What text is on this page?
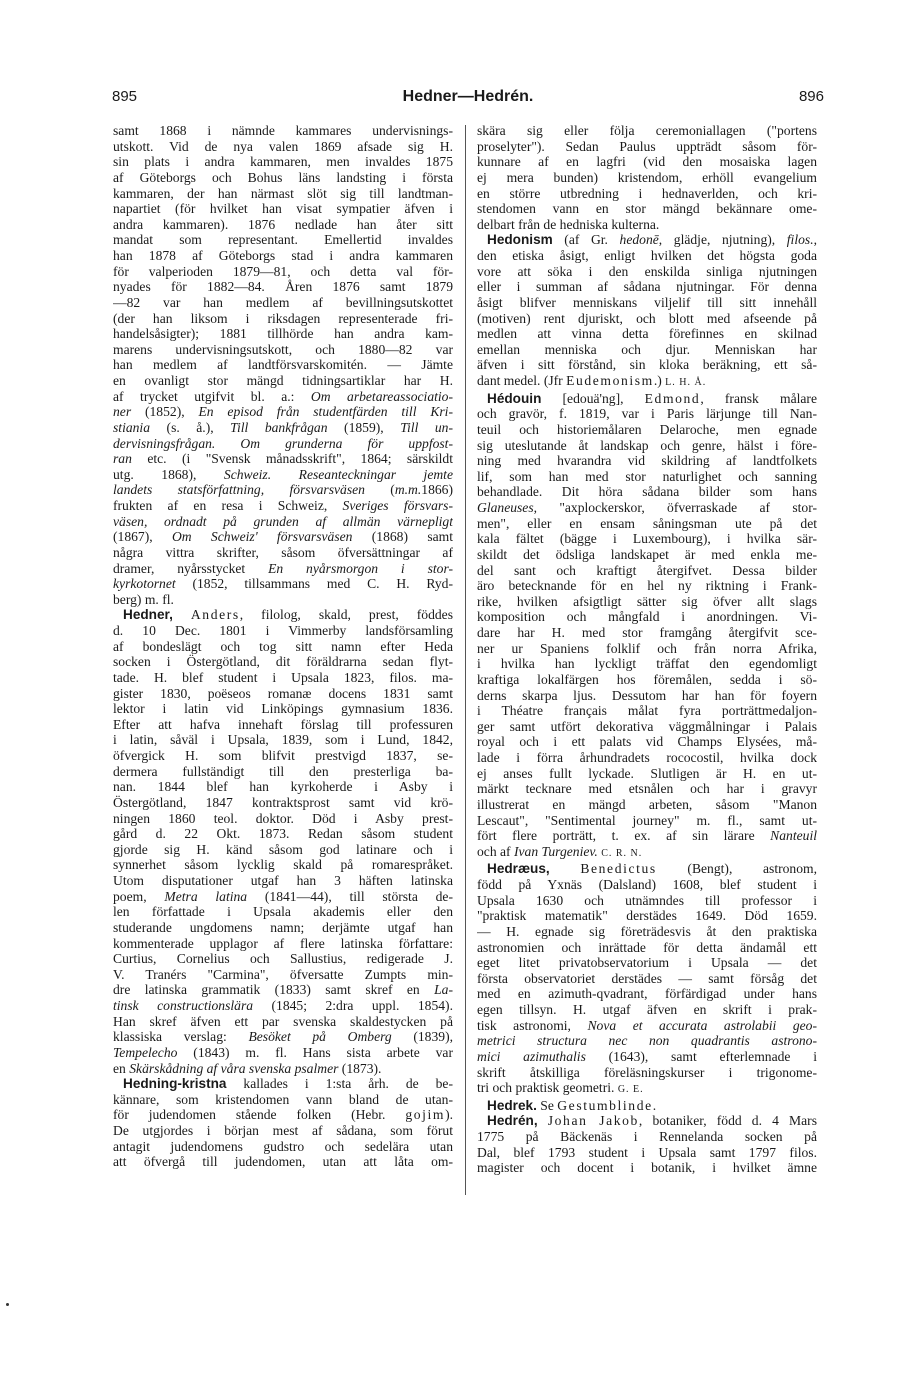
895	Hedner—Hedrén.	896
samt 1868 i nämnde kammares undervisnings-
utskott. Vid de nya valen 1869 afsade sig H.
sin plats i andra kammaren, men invaldes 1875
af Göteborgs och Bohus läns landsting i första
kammaren, der han närmast slöt sig till landtman-
napartiet (för hvilket han visat sympatier äfven i
andra kammaren). 1876 nedlade han åter sitt
mandat som representant. Emellertid invaldes
han 1878 af Göteborgs stad i andra kammaren
för valperioden 1879—81, och detta val för-
nyades för 1882—84. Åren 1876 samt 1879
—82 var han medlem af bevillningsutskottet
(der han liksom i riksdagen representerade fri-
handelsåsigter); 1881 tillhörde han andra kam-
marens undervisningsutskott, och 1880—82 var
han medlem af landtförsvarskomitén. — Jämte
en ovanligt stor mängd tidningsartiklar har H.
af trycket utgifvit bl. a.: Om arbetareassociatio-
ner (1852), En episod från studentfärden till Kri-
stiania (s. å.), Till bankfrågan (1859), Till un-
dervisningsfrågan. Om grunderna för uppfost-
ran etc. (i "Svensk månadsskrift", 1864; särskildt
utg. 1868), Schweiz. Reseanteckningar jemte
landets statsförfattning, försvarsväsen (m.m.1866)
frukten af en resa i Schweiz, Sveriges försvars-
väsen, ordnadt på grunden af allmän värnepligt
(1867), Om Schweiz' försvarsväsen (1868) samt
några vittra skrifter, såsom öfversättningar af
dramer, nyårsstycket En nyårsmorgon i stor-
kyrkotornet (1852, tillsammans med C. H. Ryd-
berg) m. fl.
Hedner, Anders, filolog, skald, prest, föddes
d. 10 Dec. 1801 i Vimmerby landsförsamling
af bondeslägt och tog sitt namn efter Heda
socken i Östergötland, dit föräldrarna sedan flyt-
tade. H. blef student i Upsala 1823, filos. ma-
gister 1830, poëseos romanæ docens 1831 samt
lektor i latin vid Linköpings gymnasium 1836.
Efter att hafva innehaft förslag till professuren
i latin, såväl i Upsala, 1839, som i Lund, 1842,
öfvergick H. som blifvit prestvigd 1837, se-
dermera fullständigt till den presterliga ba-
nan. 1844 blef han kyrkoherde i Asby i
Östergötland, 1847 kontraktsprost samt vid krö-
ningen 1860 teol. doktor. Död i Asby prest-
gård d. 22 Okt. 1873. Redan såsom student
gjorde sig H. känd såsom god latinare och i
synnerhet såsom lycklig skald på romarespråket.
Utom disputationer utgaf han 3 häften latinska
poem, Metra latina (1841—44), till största de-
len författade i Upsala akademis eller den
studerande ungdomens namn; derjämte utgaf han
kommenterade upplagor af flere latinska författare:
Curtius, Cornelius och Sallustius, redigerade J.
V. Tranérs "Carmina", öfversatte Zumpts min-
dre latinska grammatik (1833) samt skref en La-
tinsk constructionslära (1845; 2:dra uppl. 1854).
Han skref äfven ett par svenska skaldestycken på
klassiska verslag: Besöket på Omberg (1839),
Tempelecho (1843) m. fl. Hans sista arbete var
en Skärskådning af våra svenska psalmer (1873).
Hedning-kristna kallades i 1:sta årh. de be-
kännare, som kristendomen vann bland de utan-
för judendomen stående folken (Hebr. gojim).
De utgjordes i början mest af sådana, som förut
antagit judendomens gudstro och sedelära utan
att öfvergå till judendomen, utan att låta om-
skära sig eller följa ceremoniallagen ("portens
proselyter"). Sedan Paulus uppträdt såsom för-
kunnare af en lagfri (vid den mosaiska lagen
ej mera bunden) kristendom, erhöll evangelium
en större utbredning i hednaverlden, och kri-
stendomen vann en stor mängd bekännare ome-
delbart från de hedniska kulterna.
Hedonism (af Gr. hedonē, glädje, njutning), filos.,
den etiska åsigt, enligt hvilken det högsta goda
vore att söka i den enskilda sinliga njutningen
eller i summan af sådana njutningar. För denna
åsigt blifver menniskans viljelif till sitt innehåll
(motiven) rent djuriskt, och blott med afseende på
medlen att vinna detta förefinnes en skilnad
emellan menniska och djur. Menniskan har
äfven i sitt förstånd, sin kloka beräkning, ett så-
dant medel. (Jfr Eudemonism.) L. H. Å.
Hédouin [edouä'ng], Edmond, fransk målare
och gravör, f. 1819, var i Paris lärjunge till Nan-
teuil och historiemålaren Delaroche, men egnade
sig uteslutande åt landskap och genre, hälst i före-
ning med hvarandra vid skildring af landtfolkets
lif, som han med stor naturlighet och sanning
behandlade. Dit höra sådana bilder som hans
Glaneuses, "axplockerskor, öfverraskade af stor-
men", eller en ensam såningsman ute på det
kala fältet (bägge i Luxembourg), i hvilka sär-
skildt det ödsliga landskapet är med enkla me-
del sant och kraftigt återgifvet. Dessa bilder
äro betecknande för en hel ny riktning i Frank-
rike, hvilken afsigtligt sätter sig öfver allt slags
komposition och mångfald i anordningen. Vi-
dare har H. med stor framgång återgifvit sce-
ner ur Spaniens folklif och från norra Afrika,
i hvilka han lyckligt träffat den egendomligt
kraftiga lokalfärgen hos föremålen, sedda i sö-
derns skarpa ljus. Dessutom har han för foyern
i Théatre français målat fyra porträttmedaljon-
ger samt utfört dekorativa väggmålningar i Palais
royal och i ett palats vid Champs Elysées, må-
lade i förra århundradets rococostil, hvilka dock
ej anses fullt lyckade. Slutligen är H. en ut-
märkt tecknare med etsnålen och har i gravyr
illustrerat en mängd arbeten, såsom "Manon
Lescaut", "Sentimental journey" m. fl., samt ut-
fört flere porträtt, t. ex. af sin lärare Nanteuil
och af Ivan Turgeniev. C. R. N.
Hedræus, Benedictus (Bengt), astronom,
född på Yxnäs (Dalsland) 1608, blef student i
Upsala 1630 och utnämndes till professor i
"praktisk matematik" derstädes 1649. Död 1659.
— H. egnade sig företrädesvis åt den praktiska
astronomien och inrättade för detta ändamål ett
eget litet privatobservatorium i Upsala — det
första observatoriet derstädes — samt försåg det
med en azimuth-qvadrant, förfärdigad under hans
egen tillsyn. H. utgaf äfven en skrift i prak-
tisk astronomi, Nova et accurata astrolabii geo-
metrici structura nec non quadrantis astrono-
mici azimuthalis (1643), samt efterlemnade i
skrift åtskilliga föreläsningskurser i trigonome-
tri och praktisk geometri. G. E.
Hedrek. Se Gestumblinde.
Hedrén, Johan Jakob, botaniker, född d. 4 Mars
1775 på Bäckenäs i Rennelanda socken på
Dal, blef 1793 student i Upsala samt 1797 filos.
magister och docent i botanik, i hvilket ämne
